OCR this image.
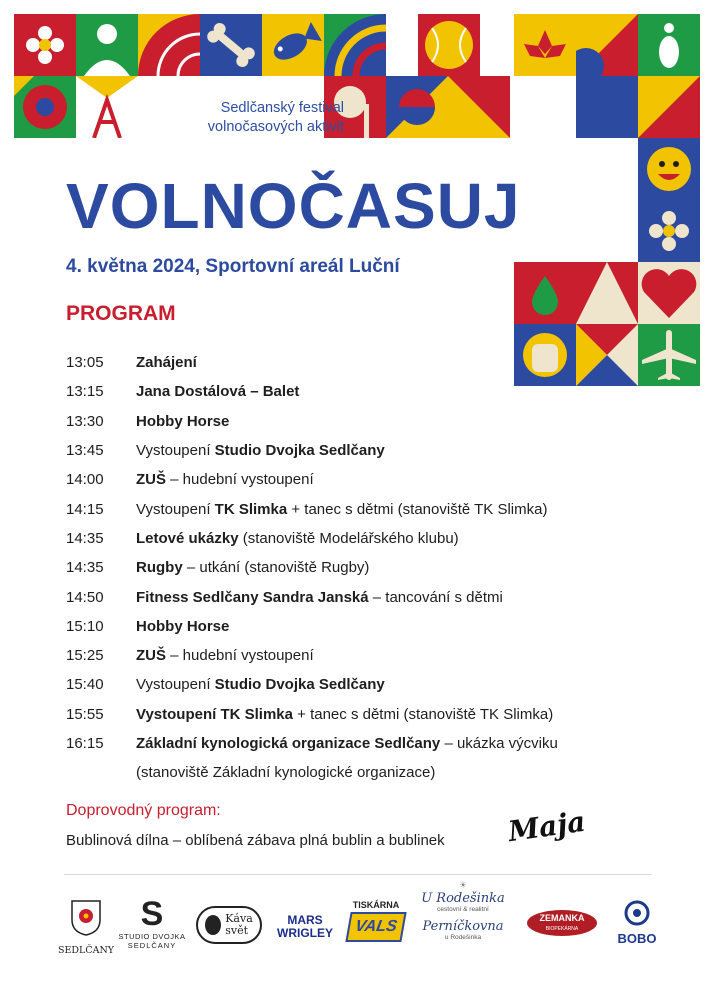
Sedlčanský festival
volnočasových aktivit
VOLNOČASUJ
4. května 2024, Sportovní areál Luční
PROGRAM
13:05	Zahájení
13:15	Jana Dostálová – Balet
13:30	Hobby Horse
13:45	Vystoupení Studio Dvojka Sedlčany
14:00	ZUŠ – hudební vystoupení
14:15	Vystoupení TK Slimka + tanec s dětmi (stanoviště TK Slimka)
14:35	Letové ukázky (stanoviště Modelářského klubu)
14:35	Rugby – utkání (stanoviště Rugby)
14:50	Fitness Sedlčany Sandra Janská – tancování s dětmi
15:10	Hobby Horse
15:25	ZUŠ – hudební vystoupení
15:40	Vystoupení Studio Dvojka Sedlčany
15:55	Vystoupení TK Slimka + tanec s dětmi (stanoviště TK Slimka)
16:15	Základní kynologická organizace Sedlčany – ukázka výcviku
(stanoviště Základní kynologické organizace)
Doprovodný program:
Bublinová dílna – oblíbená zábava plná bublin a bublinek Maja
SEDLČANY
S
STUDIO DVOJKA
SEDLČANY
Káva
svět
MARS
WRIGLEY
TISKÁRNA
VALS
☀
U Rodešinka
cestovní & realitní
Perníčkovna
u Rodešinka
ZEMANKA
BIOPEKÁRNA
BOBO
